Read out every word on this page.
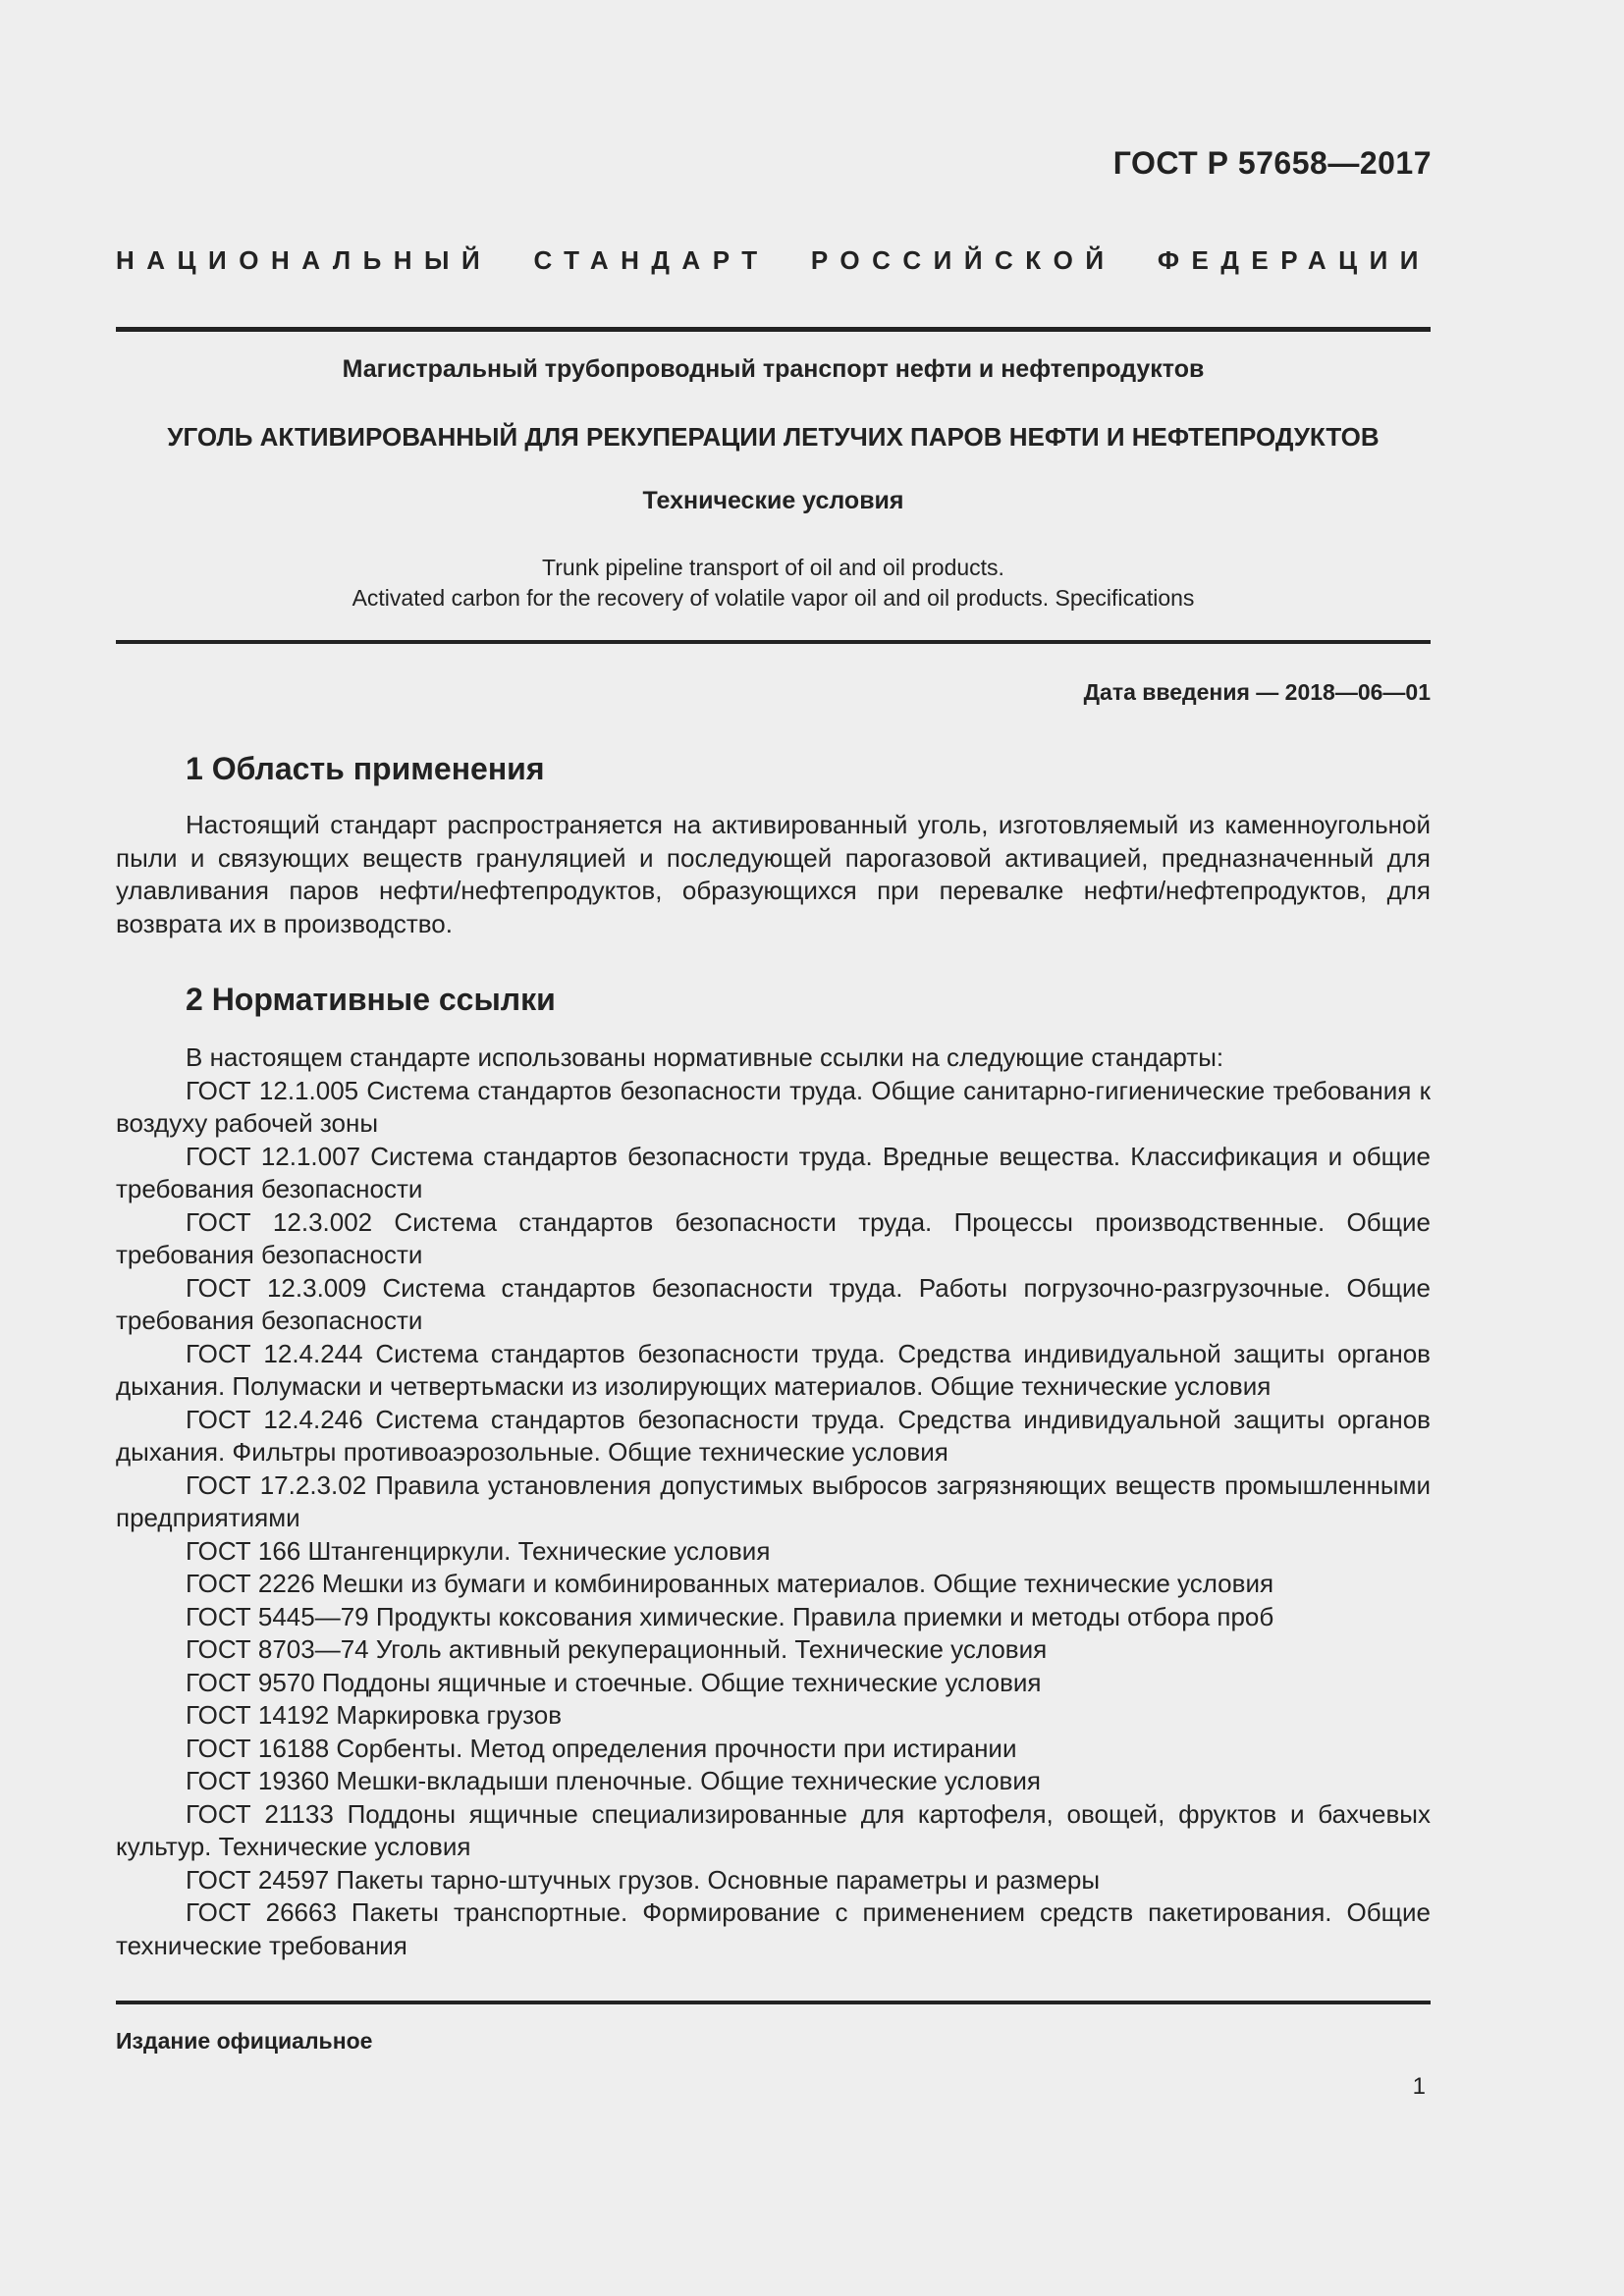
ГОСТ Р 57658—2017
НАЦИОНАЛЬНЫЙ СТАНДАРТ РОССИЙСКОЙ ФЕДЕРАЦИИ
Магистральный трубопроводный транспорт нефти и нефтепродуктов
УГОЛЬ АКТИВИРОВАННЫЙ ДЛЯ РЕКУПЕРАЦИИ ЛЕТУЧИХ ПАРОВ НЕФТИ И НЕФТЕПРОДУКТОВ
Технические условия
Trunk pipeline transport of oil and oil products.
Activated carbon for the recovery of volatile vapor oil and oil products. Specifications
Дата введения — 2018—06—01
1 Область применения
Настоящий стандарт распространяется на активированный уголь, изготовляемый из каменноугольной пыли и связующих веществ грануляцией и последующей парогазовой активацией, предназначенный для улавливания паров нефти/нефтепродуктов, образующихся при перевалке нефти/нефтепродуктов, для возврата их в производство.
2 Нормативные ссылки

В настоящем стандарте использованы нормативные ссылки на следующие стандарты:

ГОСТ 12.1.005 Система стандартов безопасности труда. Общие санитарно-гигиенические требования к воздуху рабочей зоны

ГОСТ 12.1.007 Система стандартов безопасности труда. Вредные вещества. Классификация и общие требования безопасности

ГОСТ 12.3.002 Система стандартов безопасности труда. Процессы производственные. Общие требования безопасности

ГОСТ 12.3.009 Система стандартов безопасности труда. Работы погрузочно-разгрузочные. Общие требования безопасности

ГОСТ 12.4.244 Система стандартов безопасности труда. Средства индивидуальной защиты органов дыхания. Полумаски и четвертьмаски из изолирующих материалов. Общие технические условия

ГОСТ 12.4.246 Система стандартов безопасности труда. Средства индивидуальной защиты органов дыхания. Фильтры противоаэрозольные. Общие технические условия

ГОСТ 17.2.3.02 Правила установления допустимых выбросов загрязняющих веществ промышленными предприятиями

ГОСТ 166 Штангенциркули. Технические условия

ГОСТ 2226 Мешки из бумаги и комбинированных материалов. Общие технические условия

ГОСТ 5445—79 Продукты коксования химические. Правила приемки и методы отбора проб

ГОСТ 8703—74 Уголь активный рекуперационный. Технические условия

ГОСТ 9570 Поддоны ящичные и стоечные. Общие технические условия

ГОСТ 14192 Маркировка грузов

ГОСТ 16188 Сорбенты. Метод определения прочности при истирании

ГОСТ 19360 Мешки-вкладыши пленочные. Общие технические условия

ГОСТ 21133 Поддоны ящичные специализированные для картофеля, овощей, фруктов и бахчевых культур. Технические условия

ГОСТ 24597 Пакеты тарно-штучных грузов. Основные параметры и размеры

ГОСТ 26663 Пакеты транспортные. Формирование с применением средств пакетирования. Общие технические требования

Издание официальное
1
